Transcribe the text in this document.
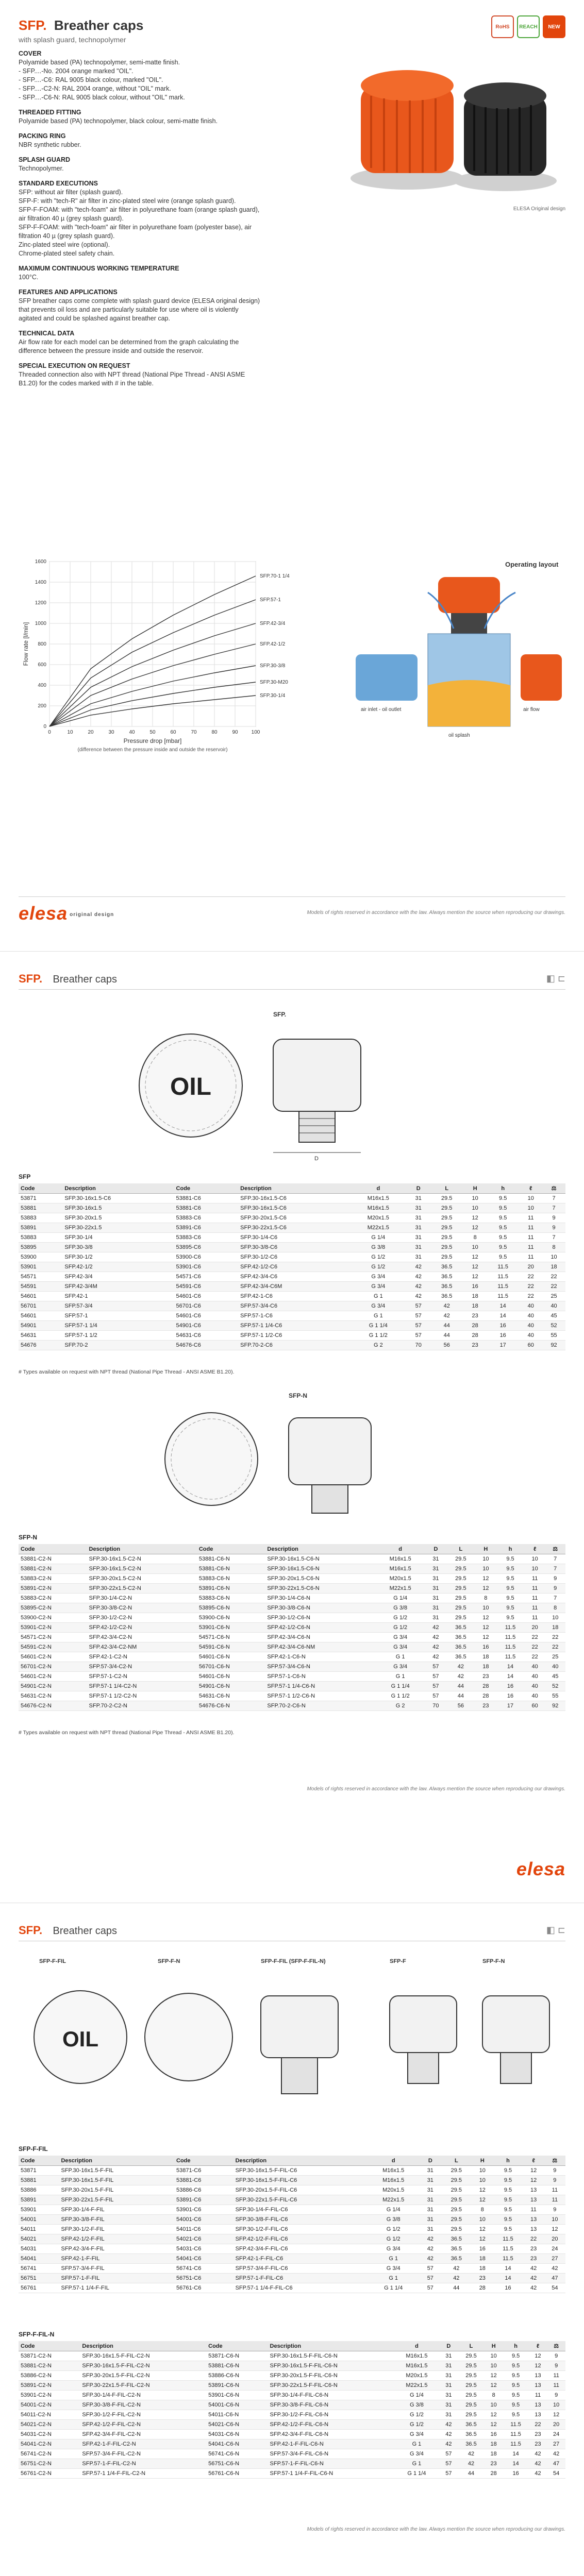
SFP. Breather caps
with splash guard, technopolymer
RoHS	REACH	NEW
COVER

Polyamide based (PA) technopolymer, semi-matte finish.

- SFP....-No. 2004 orange marked "OIL".

- SFP....-C6: RAL 9005 black colour, marked "OIL".

- SFP....-C2-N: RAL 2004 orange, without "OIL" mark.

- SFP....-C6-N: RAL 9005 black colour, without "OIL" mark.

THREADED FITTING

Polyamide based (PA) technopolymer, black colour, semi-matte finish.

PACKING RING

NBR synthetic rubber.

SPLASH GUARD

Technopolymer.

STANDARD EXECUTIONS

SFP: without air filter (splash guard).

SFP-F: with "tech-R" air filter in zinc-plated steel wire (orange splash guard).

SFP-F-FOAM: with "tech-foam" air filter in polyurethane foam (orange splash guard), air filtration 40 µ (grey splash guard).

SFP-F-FOAM: with "tech-foam" air filter in polyurethane foam (polyester base), air filtration 40 µ (grey splash guard).

Zinc-plated steel wire (optional).

Chrome-plated steel safety chain.

MAXIMUM CONTINUOUS WORKING TEMPERATURE

100°C.

FEATURES AND APPLICATIONS

SFP breather caps come complete with splash guard device (ELESA original design) that prevents oil loss and are particularly suitable for use where oil is violently agitated and could be splashed against breather cap.

TECHNICAL DATA

Air flow rate for each model can be determined from the graph calculating the difference between the pressure inside and outside the reservoir.

SPECIAL EXECUTION ON REQUEST

Threaded connection also with NPT thread (National Pipe Thread - ANSI ASME B1.20) for the codes marked with # in the table.

ELESA Original design
0	10	20	30	40	50	60	70	80	90	100
0
200
400
600
800
1000
1200
1400
1600
SFP.70-1 1/4
SFP.57-1
SFP.42-3/4
SFP.42-1/2
SFP.30-3/8
SFP.30-M20
SFP.30-1/4
Pressure drop [mbar]
(difference between the pressure inside and outside the reservoir)
Flow rate [l/min]
Operating layout
air inlet - oil outlet	air flow
oil splash
elesa original design	Models of rights reserved in accordance with the law. Always mention the source when reproducing our drawings.
SFP. Breather caps	◧ ⊏
SFP.
OIL
D
SFP
Code	Description	Code	Description	d	D	L	H	h	ℓ	⚖
53871	SFP.30-16x1.5-C6	53881-C6	SFP.30-16x1.5-C6	M16x1.5	31	29.5	10	9.5	10	7
53881	SFP.30-16x1.5	53881-C6	SFP.30-16x1.5-C6	M16x1.5	31	29.5	10	9.5	10	7
53883	SFP.30-20x1.5	53883-C6	SFP.30-20x1.5-C6	M20x1.5	31	29.5	12	9.5	11	9
53891	SFP.30-22x1.5	53891-C6	SFP.30-22x1.5-C6	M22x1.5	31	29.5	12	9.5	11	9
53883	SFP.30-1/4	53883-C6	SFP.30-1/4-C6	G 1/4	31	29.5	8	9.5	11	7
53895	SFP.30-3/8	53895-C6	SFP.30-3/8-C6	G 3/8	31	29.5	10	9.5	11	8
53900	SFP.30-1/2	53900-C6	SFP.30-1/2-C6	G 1/2	31	29.5	12	9.5	11	10
53901	SFP.42-1/2	53901-C6	SFP.42-1/2-C6	G 1/2	42	36.5	12	11.5	20	18
54571	SFP.42-3/4	54571-C6	SFP.42-3/4-C6	G 3/4	42	36.5	12	11.5	22	22
54591	SFP.42-3/4M	54591-C6	SFP.42-3/4-C6M	G 3/4	42	36.5	16	11.5	22	22
54601	SFP.42-1	54601-C6	SFP.42-1-C6	G 1	42	36.5	18	11.5	22	25
56701	SFP.57-3/4	56701-C6	SFP.57-3/4-C6	G 3/4	57	42	18	14	40	40
54601	SFP.57-1	54601-C6	SFP.57-1-C6	G 1	57	42	23	14	40	45
54901	SFP.57-1 1/4	54901-C6	SFP.57-1 1/4-C6	G 1 1/4	57	44	28	16	40	52
54631	SFP.57-1 1/2	54631-C6	SFP.57-1 1/2-C6	G 1 1/2	57	44	28	16	40	55
54676	SFP.70-2	54676-C6	SFP.70-2-C6	G 2	70	56	23	17	60	92
# Types available on request with NPT thread (National Pipe Thread - ANSI ASME B1.20).
SFP-N
SFP-N
Code	Description	Code	Description	d	D	L	H	h	ℓ	⚖
53881-C2-N	SFP.30-16x1.5-C2-N	53881-C6-N	SFP.30-16x1.5-C6-N	M16x1.5	31	29.5	10	9.5	10	7
53881-C2-N	SFP.30-16x1.5-C2-N	53881-C6-N	SFP.30-16x1.5-C6-N	M16x1.5	31	29.5	10	9.5	10	7
53883-C2-N	SFP.30-20x1.5-C2-N	53883-C6-N	SFP.30-20x1.5-C6-N	M20x1.5	31	29.5	12	9.5	11	9
53891-C2-N	SFP.30-22x1.5-C2-N	53891-C6-N	SFP.30-22x1.5-C6-N	M22x1.5	31	29.5	12	9.5	11	9
53883-C2-N	SFP.30-1/4-C2-N	53883-C6-N	SFP.30-1/4-C6-N	G 1/4	31	29.5	8	9.5	11	7
53895-C2-N	SFP.30-3/8-C2-N	53895-C6-N	SFP.30-3/8-C6-N	G 3/8	31	29.5	10	9.5	11	8
53900-C2-N	SFP.30-1/2-C2-N	53900-C6-N	SFP.30-1/2-C6-N	G 1/2	31	29.5	12	9.5	11	10
53901-C2-N	SFP.42-1/2-C2-N	53901-C6-N	SFP.42-1/2-C6-N	G 1/2	42	36.5	12	11.5	20	18
54571-C2-N	SFP.42-3/4-C2-N	54571-C6-N	SFP.42-3/4-C6-N	G 3/4	42	36.5	12	11.5	22	22
54591-C2-N	SFP.42-3/4-C2-NM	54591-C6-N	SFP.42-3/4-C6-NM	G 3/4	42	36.5	16	11.5	22	22
54601-C2-N	SFP.42-1-C2-N	54601-C6-N	SFP.42-1-C6-N	G 1	42	36.5	18	11.5	22	25
56701-C2-N	SFP.57-3/4-C2-N	56701-C6-N	SFP.57-3/4-C6-N	G 3/4	57	42	18	14	40	40
54601-C2-N	SFP.57-1-C2-N	54601-C6-N	SFP.57-1-C6-N	G 1	57	42	23	14	40	45
54901-C2-N	SFP.57-1 1/4-C2-N	54901-C6-N	SFP.57-1 1/4-C6-N	G 1 1/4	57	44	28	16	40	52
54631-C2-N	SFP.57-1 1/2-C2-N	54631-C6-N	SFP.57-1 1/2-C6-N	G 1 1/2	57	44	28	16	40	55
54676-C2-N	SFP.70-2-C2-N	54676-C6-N	SFP.70-2-C6-N	G 2	70	56	23	17	60	92
# Types available on request with NPT thread (National Pipe Thread - ANSI ASME B1.20).
Models of rights reserved in accordance with the law. Always mention the source when reproducing our drawings.
elesa
SFP. Breather caps	◧ ⊏
SFP-F-FIL	SFP-F-N	SFP-F-FIL (SFP-F-FIL-N)	SFP-F	SFP-F-N
OIL
SFP-F-FIL
Code	Description	Code	Description	d	D	L	H	h	ℓ	⚖
53871	SFP.30-16x1.5-F-FIL	53871-C6	SFP.30-16x1.5-F-FIL-C6	M16x1.5	31	29.5	10	9.5	12	9
53881	SFP.30-16x1.5-F-FIL	53881-C6	SFP.30-16x1.5-F-FIL-C6	M16x1.5	31	29.5	10	9.5	12	9
53886	SFP.30-20x1.5-F-FIL	53886-C6	SFP.30-20x1.5-F-FIL-C6	M20x1.5	31	29.5	12	9.5	13	11
53891	SFP.30-22x1.5-F-FIL	53891-C6	SFP.30-22x1.5-F-FIL-C6	M22x1.5	31	29.5	12	9.5	13	11
53901	SFP.30-1/4-F-FIL	53901-C6	SFP.30-1/4-F-FIL-C6	G 1/4	31	29.5	8	9.5	11	9
54001	SFP.30-3/8-F-FIL	54001-C6	SFP.30-3/8-F-FIL-C6	G 3/8	31	29.5	10	9.5	13	10
54011	SFP.30-1/2-F-FIL	54011-C6	SFP.30-1/2-F-FIL-C6	G 1/2	31	29.5	12	9.5	13	12
54021	SFP.42-1/2-F-FIL	54021-C6	SFP.42-1/2-F-FIL-C6	G 1/2	42	36.5	12	11.5	22	20
54031	SFP.42-3/4-F-FIL	54031-C6	SFP.42-3/4-F-FIL-C6	G 3/4	42	36.5	16	11.5	23	24
54041	SFP.42-1-F-FIL	54041-C6	SFP.42-1-F-FIL-C6	G 1	42	36.5	18	11.5	23	27
56741	SFP.57-3/4-F-FIL	56741-C6	SFP.57-3/4-F-FIL-C6	G 3/4	57	42	18	14	42	42
56751	SFP.57-1-F-FIL	56751-C6	SFP.57-1-F-FIL-C6	G 1	57	42	23	14	42	47
56761	SFP.57-1 1/4-F-FIL	56761-C6	SFP.57-1 1/4-F-FIL-C6	G 1 1/4	57	44	28	16	42	54
SFP-F-FIL-N
Code	Description	Code	Description	d	D	L	H	h	ℓ	⚖
53871-C2-N	SFP.30-16x1.5-F-FIL-C2-N	53871-C6-N	SFP.30-16x1.5-F-FIL-C6-N	M16x1.5	31	29.5	10	9.5	12	9
53881-C2-N	SFP.30-16x1.5-F-FIL-C2-N	53881-C6-N	SFP.30-16x1.5-F-FIL-C6-N	M16x1.5	31	29.5	10	9.5	12	9
53886-C2-N	SFP.30-20x1.5-F-FIL-C2-N	53886-C6-N	SFP.30-20x1.5-F-FIL-C6-N	M20x1.5	31	29.5	12	9.5	13	11
53891-C2-N	SFP.30-22x1.5-F-FIL-C2-N	53891-C6-N	SFP.30-22x1.5-F-FIL-C6-N	M22x1.5	31	29.5	12	9.5	13	11
53901-C2-N	SFP.30-1/4-F-FIL-C2-N	53901-C6-N	SFP.30-1/4-F-FIL-C6-N	G 1/4	31	29.5	8	9.5	11	9
54001-C2-N	SFP.30-3/8-F-FIL-C2-N	54001-C6-N	SFP.30-3/8-F-FIL-C6-N	G 3/8	31	29.5	10	9.5	13	10
54011-C2-N	SFP.30-1/2-F-FIL-C2-N	54011-C6-N	SFP.30-1/2-F-FIL-C6-N	G 1/2	31	29.5	12	9.5	13	12
54021-C2-N	SFP.42-1/2-F-FIL-C2-N	54021-C6-N	SFP.42-1/2-F-FIL-C6-N	G 1/2	42	36.5	12	11.5	22	20
54031-C2-N	SFP.42-3/4-F-FIL-C2-N	54031-C6-N	SFP.42-3/4-F-FIL-C6-N	G 3/4	42	36.5	16	11.5	23	24
54041-C2-N	SFP.42-1-F-FIL-C2-N	54041-C6-N	SFP.42-1-F-FIL-C6-N	G 1	42	36.5	18	11.5	23	27
56741-C2-N	SFP.57-3/4-F-FIL-C2-N	56741-C6-N	SFP.57-3/4-F-FIL-C6-N	G 3/4	57	42	18	14	42	42
56751-C2-N	SFP.57-1-F-FIL-C2-N	56751-C6-N	SFP.57-1-F-FIL-C6-N	G 1	57	42	23	14	42	47
56761-C2-N	SFP.57-1 1/4-F-FIL-C2-N	56761-C6-N	SFP.57-1 1/4-F-FIL-C6-N	G 1 1/4	57	44	28	16	42	54
Models of rights reserved in accordance with the law. Always mention the source when reproducing our drawings.
